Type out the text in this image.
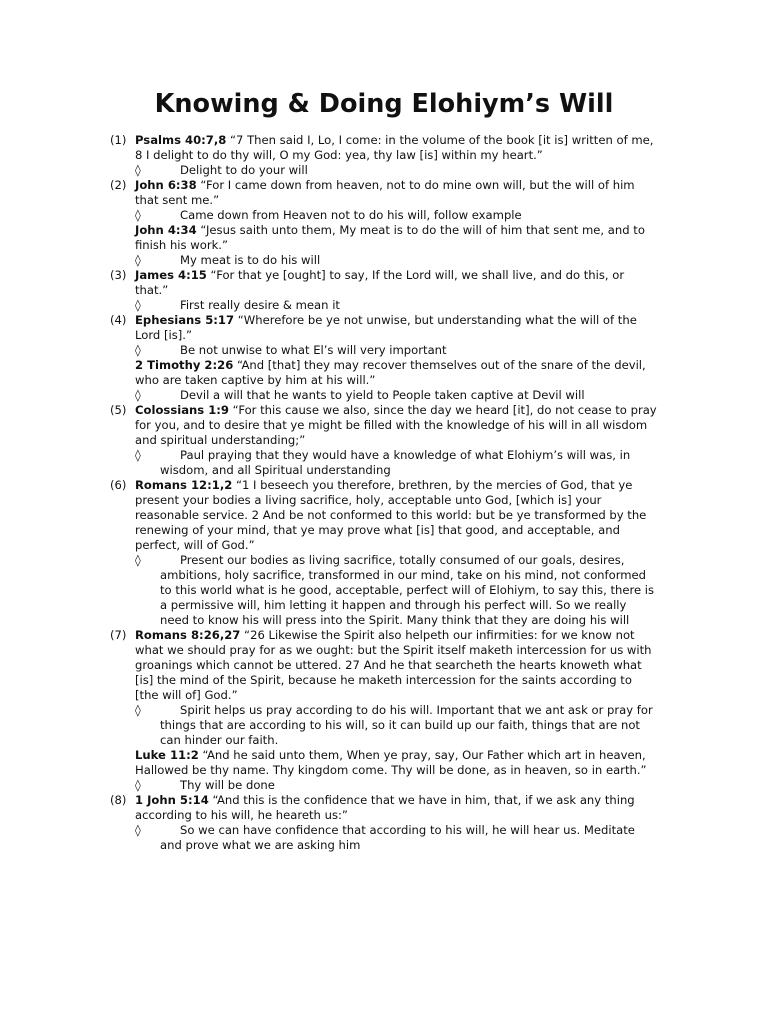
Knowing & Doing Elohiym’s Will
(1) Psalms 40:7,8 “7 Then said I, Lo, I come: in the volume of the book [it is] written of me, 8 I delight to do thy will, O my God: yea, thy law [is] within my heart.”
◊	Delight to do your will
(2) John 6:38 “For I came down from heaven, not to do mine own will, but the will of him that sent me.”
◊	Came down from Heaven not to do his will, follow example
John 4:34 “Jesus saith unto them, My meat is to do the will of him that sent me, and to finish his work.”
◊	My meat is to do his will
(3) James 4:15 “For that ye [ought] to say, If the Lord will, we shall live, and do this, or that.”
◊	First really desire & mean it
(4) Ephesians 5:17 “Wherefore be ye not unwise, but understanding what the will of the Lord [is].”
◊	Be not unwise to what El’s will very important
2 Timothy 2:26 “And [that] they may recover themselves out of the snare of the devil, who are taken captive by him at his will.”
◊	Devil a will that he wants to yield to People taken captive at Devil will
(5) Colossians 1:9 “For this cause we also, since the day we heard [it], do not cease to pray for you, and to desire that ye might be filled with the knowledge of his will in all wisdom and spiritual understanding;”
◊	Paul praying that they would have a knowledge of what Elohiym’s will was, in wisdom, and all Spiritual understanding
(6) Romans 12:1,2 “1 I beseech you therefore, brethren, by the mercies of God, that ye present your bodies a living sacrifice, holy, acceptable unto God, [which is] your reasonable service. 2 And be not conformed to this world: but be ye transformed by the renewing of your mind, that ye may prove what [is] that good, and acceptable, and perfect, will of God.”
◊	Present our bodies as living sacrifice, totally consumed of our goals, desires, ambitions, holy sacrifice, transformed in our mind, take on his mind, not conformed to this world what is he good, acceptable, perfect will of Elohiym, to say this, there is a permissive will, him letting it happen and through his perfect will. So we really need to know his will press into the Spirit. Many think that they are doing his will
(7) Romans 8:26,27 “26 Likewise the Spirit also helpeth our infirmities: for we know not what we should pray for as we ought: but the Spirit itself maketh intercession for us with groanings which cannot be uttered. 27 And he that searcheth the hearts knoweth what [is] the mind of the Spirit, because he maketh intercession for the saints according to [the will of] God.”
◊	Spirit helps us pray according to do his will. Important that we ant ask or pray for things that are according to his will, so it can build up our faith, things that are not can hinder our faith.
Luke 11:2 “And he said unto them, When ye pray, say, Our Father which art in heaven, Hallowed be thy name. Thy kingdom come. Thy will be done, as in heaven, so in earth.”
◊	Thy will be done
(8) 1 John 5:14 “And this is the confidence that we have in him, that, if we ask any thing according to his will, he heareth us:”
◊	So we can have confidence that according to his will, he will hear us. Meditate and prove what we are asking him
